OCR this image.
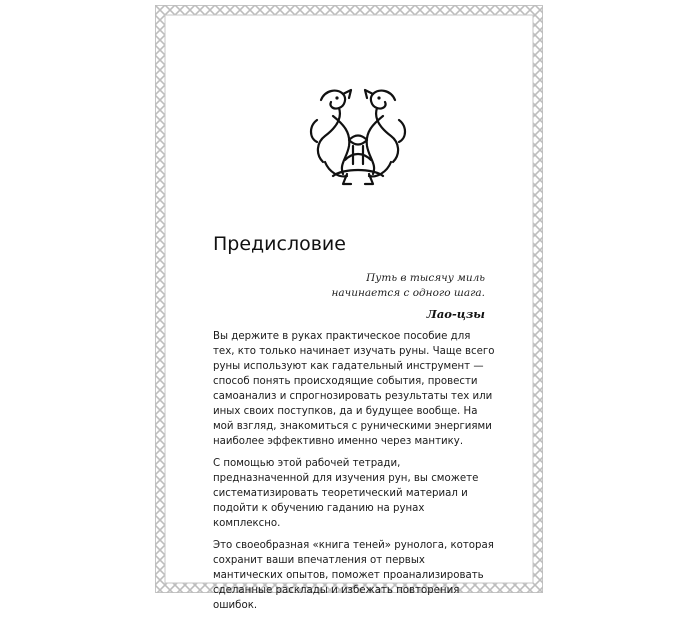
Предисловие
Путь в тысячу миль
начинается с одного шага.
Лао-цзы

Вы держите в руках практическое пособие для тех, кто только начинает изучать руны. Чаще всего руны используют как гадательный инструмент — способ понять происходящие события, провести самоанализ и спрогнозировать результаты тех или иных своих поступков, да и будущее вообще. На мой взгляд, знакомиться с руническими энергиями наиболее эффективно именно через мантику.

С помощью этой рабочей тетради, предназначенной для изучения рун, вы сможете систематизировать теоретический материал и подойти к обучению гаданию на рунах комплексно.

Это своеобразная «книга теней» рунолога, которая сохранит ваши впечатления от первых мантических опытов, поможет проанализировать сделанные расклады и избежать повторения ошибок.
